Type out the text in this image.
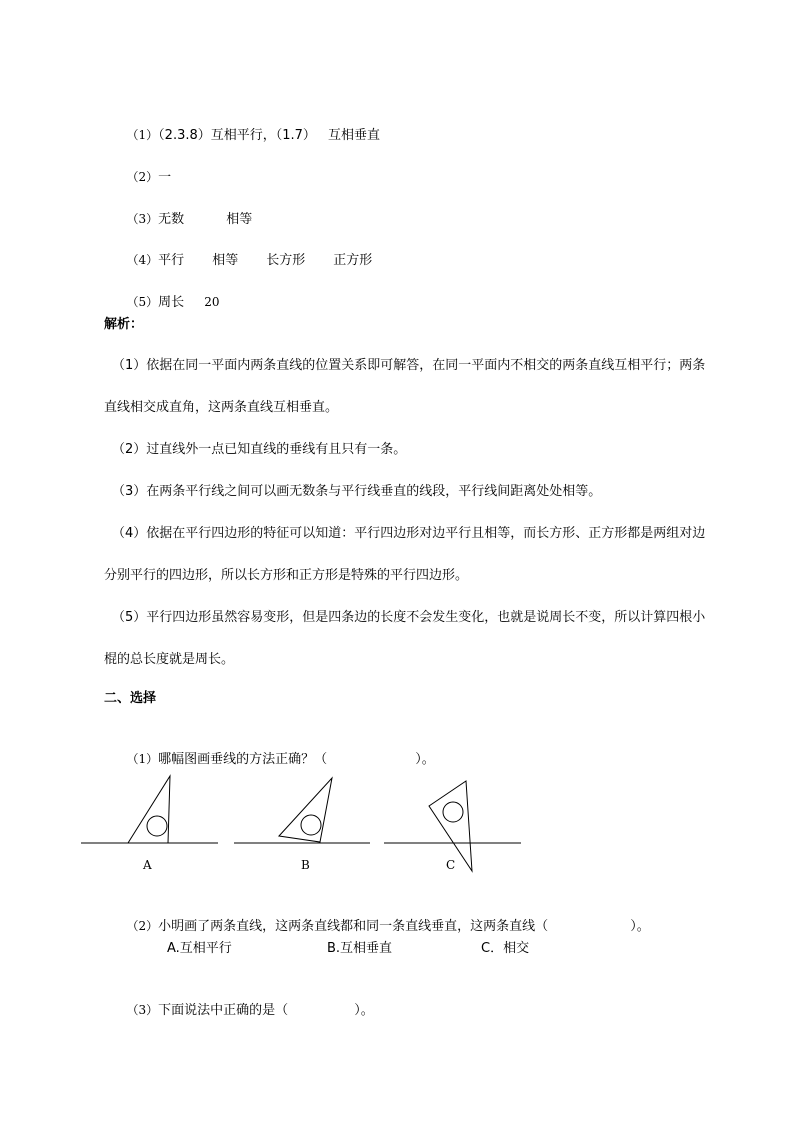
（1）（2.3.8）互相平行，（1.7） 互相垂直

（2）一

（3）无数	相等

（4）平行 相等 长方形 正方形

（5）周长 20

解析：
（1）依据在同一平面内两条直线的位置关系即可解答，在同一平面内不相交的两条直线互相平行；两条直线相交成直角，这两条直线互相垂直。
（2）过直线外一点已知直线的垂线有且只有一条。
（3）在两条平行线之间可以画无数条与平行线垂直的线段，平行线间距离处处相等。
（4）依据在平行四边形的特征可以知道：平行四边形对边平行且相等，而长方形、正方形都是两组对边分别平行的四边形，所以长方形和正方形是特殊的平行四边形。
（5）平行四边形虽然容易变形，但是四条边的长度不会发生变化，也就是说周长不变，所以计算四根小棍的总长度就是周长。
二、选择

（1）哪幅图画垂线的方法正确？（	）。

A	B	C

（2）小明画了两条直线，这两条直线都和同一条直线垂直，这两条直线（	）。

A.互相平行	B.互相垂直	C．相交

（3）下面说法中正确的是（	）。
